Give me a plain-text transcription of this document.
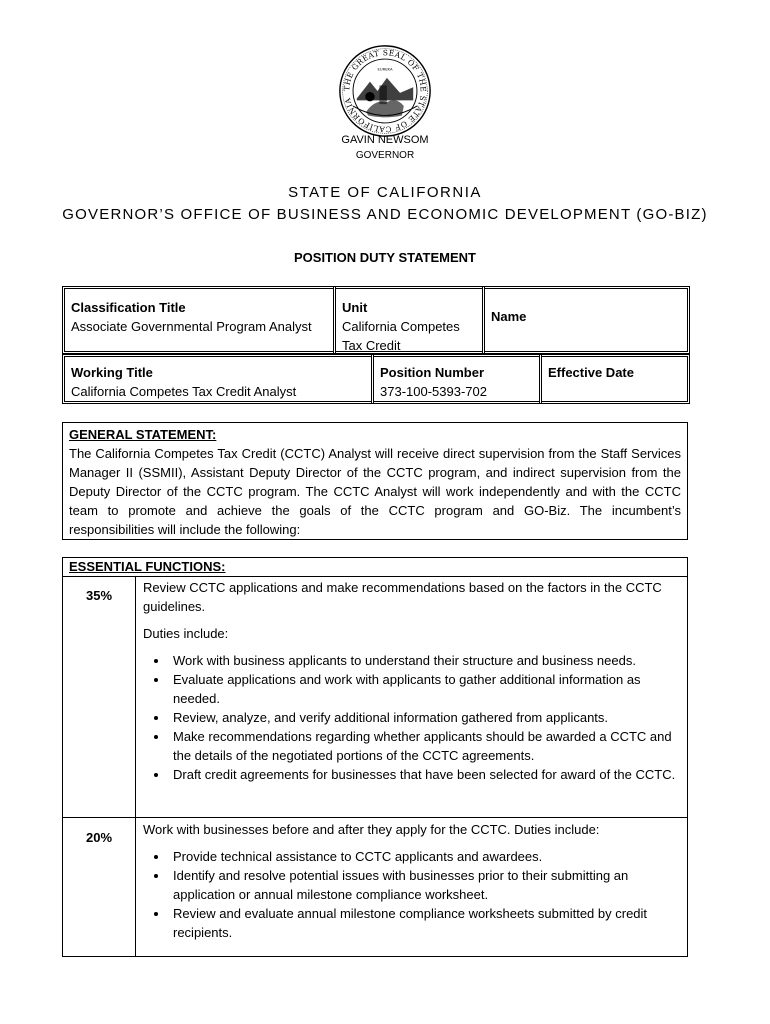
THE GREAT SEAL OF THE STATE OF CALIFORNIA
EUREKA
GAVIN NEWSOM
GOVERNOR
STATE OF CALIFORNIA
GOVERNOR’S OFFICE OF BUSINESS AND ECONOMIC DEVELOPMENT (GO-BIZ)
POSITION DUTY STATEMENT
Classification Title
Associate Governmental Program Analyst
Unit
California Competes Tax Credit
Name
Working Title
California Competes Tax Credit Analyst
Position Number
373-100-5393-702
Effective Date
GENERAL STATEMENT:
The California Competes Tax Credit (CCTC) Analyst will receive direct supervision from the Staff Services Manager II (SSMII), Assistant Deputy Director of the CCTC program, and indirect supervision from the Deputy Director of the CCTC program. The CCTC Analyst will work independently and with the CCTC team to promote and achieve the goals of the CCTC program and GO-Biz. The incumbent’s responsibilities will include the following:
ESSENTIAL FUNCTIONS:
35%

Review CCTC applications and make recommendations based on the factors in the CCTC guidelines.

Duties include:

• Work with business applicants to understand their structure and business needs.
• Evaluate applications and work with applicants to gather additional information as needed.
• Review, analyze, and verify additional information gathered from applicants.
• Make recommendations regarding whether applicants should be awarded a CCTC and the details of the negotiated portions of the CCTC agreements.
• Draft credit agreements for businesses that have been selected for award of the CCTC.
20%

Work with businesses before and after they apply for the CCTC. Duties include:

• Provide technical assistance to CCTC applicants and awardees.
• Identify and resolve potential issues with businesses prior to their submitting an application or annual milestone compliance worksheet.
• Review and evaluate annual milestone compliance worksheets submitted by credit recipients.
